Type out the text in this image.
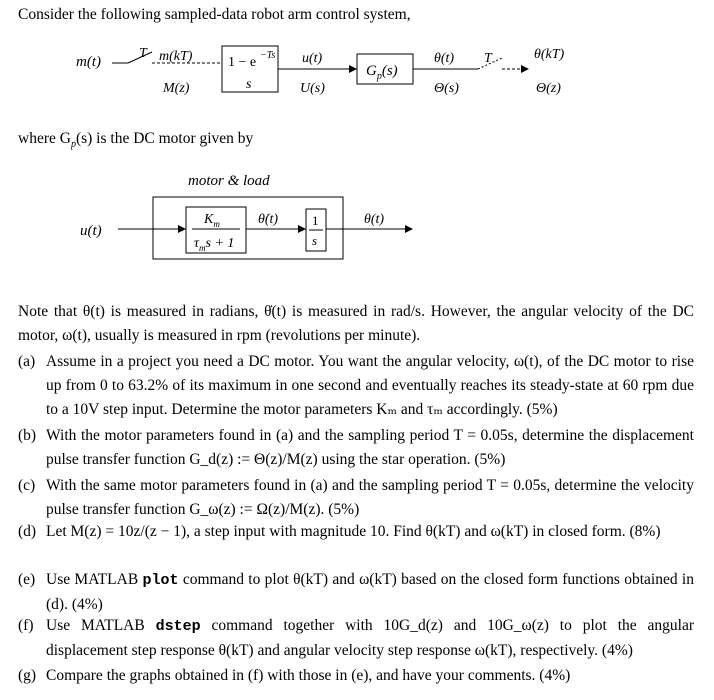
Consider the following sampled-data robot arm control system,
m(t)
T m(kT)
M(z)
1 − e −Ts
s
u(t)
U(s)
$G_p(s)$
θ(t)
Θ(s)
T	θ(kT)
Θ(z)
where $G_p(s)$ is the DC motor given by
motor & load
u(t)
$K_m$
$\tau_ms + 1$
θ̇(t)	1
s
θ(t)
Note that θ(t) is measured in radians, θ̇(t) is measured in rad/s. However, the angular velocity of the DC motor, ω(t), usually is measured in rpm (revolutions per minute).
(a) Assume in a project you need a DC motor. You want the angular velocity, ω(t), of the DC motor to rise up from 0 to 63.2% of its maximum in one second and eventually reaches its steady-state at 60 rpm due to a 10V step input. Determine the motor parameters Kₘ and τₘ accordingly. (5%)
(b) With the motor parameters found in (a) and the sampling period T = 0.05s, determine the displacement pulse transfer function G_d(z) := Θ(z)/M(z) using the star operation. (5%)
(c) With the same motor parameters found in (a) and the sampling period T = 0.05s, determine the velocity pulse transfer function G_ω(z) := Ω(z)/M(z). (5%)
(d) Let M(z) = 10z/(z − 1), a step input with magnitude 10. Find θ(kT) and ω(kT) in closed form. (8%)
(e) Use MATLAB plot command to plot θ(kT) and ω(kT) based on the closed form functions obtained in (d). (4%)
(f) Use MATLAB dstep command together with 10G_d(z) and 10G_ω(z) to plot the angular displacement step response θ(kT) and angular velocity step response ω(kT), respectively. (4%)
(g) Compare the graphs obtained in (f) with those in (e), and have your comments. (4%)
